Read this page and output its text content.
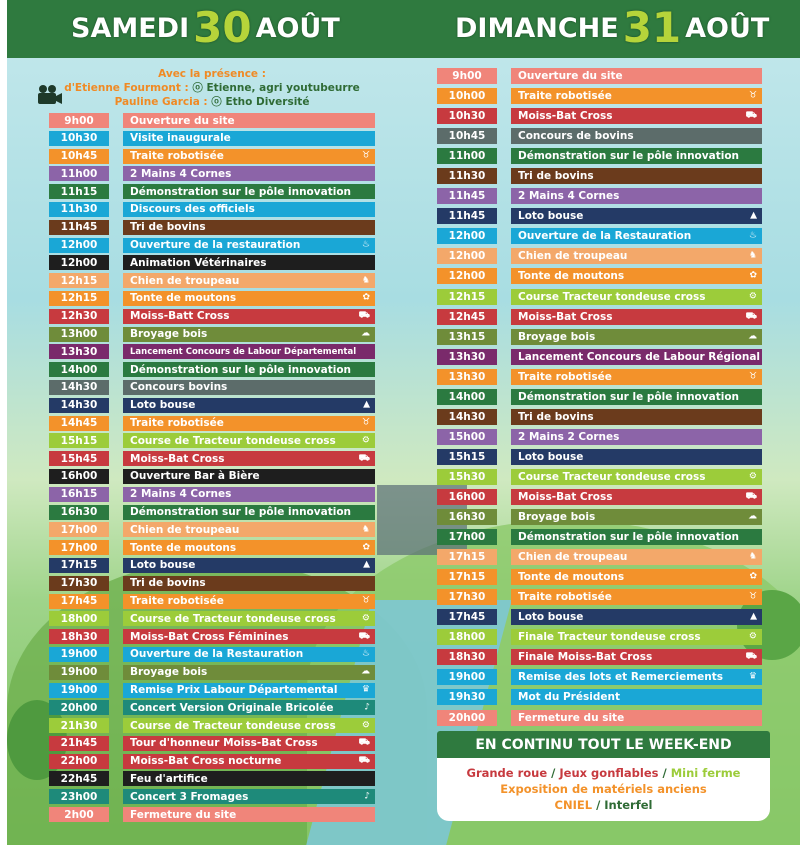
SAMEDI 30 AOÛT	DIMANCHE 31 AOÛT
Avec la présence :
d'Etienne Fourmont : ⓞ Etienne, agri youtubeurre
Pauline Garcia : ⓞ Etho Diversité
9h00	Ouverture du site
10h30	Visite inaugurale
10h45	Traite robotisée	♉
11h00	2 Mains 4 Cornes
11h15	Démonstration sur le pôle innovation
11h30	Discours des officiels
11h45	Tri de bovins
12h00	Ouverture de la restauration	♨
12h00	Animation Vétérinaires
12h15	Chien de troupeau	♞
12h15	Tonte de moutons	✿
12h30	Moiss-Batt Cross	⛟
13h00	Broyage bois	☁
13h30	Lancement Concours de Labour Départemental
14h00	Démonstration sur le pôle innovation
14h30	Concours bovins
14h30	Loto bouse	▲
14h45	Traite robotisée	♉
15h15	Course de Tracteur tondeuse cross	⚙
15h45	Moiss-Bat Cross	⛟
16h00	Ouverture Bar à Bière
16h15	2 Mains 4 Cornes
16h30	Démonstration sur le pôle innovation
17h00	Chien de troupeau	♞
17h00	Tonte de moutons	✿
17h15	Loto bouse	▲
17h30	Tri de bovins
17h45	Traite robotisée	♉
18h00	Course de Tracteur tondeuse cross	⚙
18h30	Moiss-Bat Cross Féminines	⛟
19h00	Ouverture de la Restauration	♨
19h00	Broyage bois	☁
19h00	Remise Prix Labour Départemental	♛
20h00	Concert Version Originale Bricolée	♪
21h30	Course de Tracteur tondeuse cross	⚙
21h45	Tour d'honneur Moiss-Bat Cross	⛟
22h00	Moiss-Bat Cross nocturne	⛟
22h45	Feu d'artifice
23h00	Concert 3 Fromages	♪
2h00	Fermeture du site
9h00	Ouverture du site
10h00	Traite robotisée	♉
10h30	Moiss-Bat Cross	⛟
10h45	Concours de bovins
11h00	Démonstration sur le pôle innovation
11h30	Tri de bovins
11h45	2 Mains 4 Cornes
11h45	Loto bouse	▲
12h00	Ouverture de la Restauration	♨
12h00	Chien de troupeau	♞
12h00	Tonte de moutons	✿
12h15	Course Tracteur tondeuse cross	⚙
12h45	Moiss-Bat Cross	⛟
13h15	Broyage bois	☁
13h30	Lancement Concours de Labour Régional
13h30	Traite robotisée	♉
14h00	Démonstration sur le pôle innovation
14h30	Tri de bovins
15h00	2 Mains 2 Cornes
15h15	Loto bouse
15h30	Course Tracteur tondeuse cross	⚙
16h00	Moiss-Bat Cross	⛟
16h30	Broyage bois	☁
17h00	Démonstration sur le pôle innovation
17h15	Chien de troupeau	♞
17h15	Tonte de moutons	✿
17h30	Traite robotisée	♉
17h45	Loto bouse	▲
18h00	Finale Tracteur tondeuse cross	⚙
18h30	Finale Moiss-Bat Cross	⛟
19h00	Remise des lots et Remerciements	♛
19h30	Mot du Président
20h00	Fermeture du site
EN CONTINU TOUT LE WEEK-END
Grande roue / Jeux gonflables / Mini ferme
Exposition de matériels anciens
CNIEL / Interfel
